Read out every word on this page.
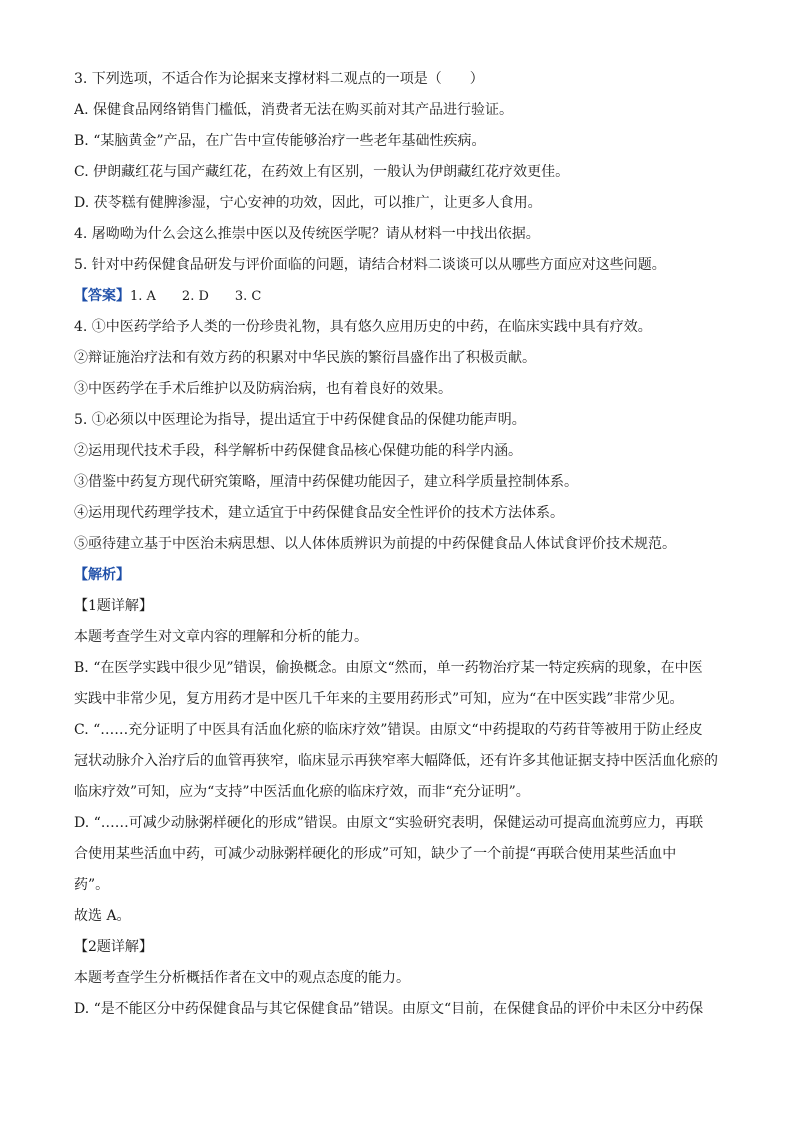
3. 下列选项，不适合作为论据来支撑材料二观点的一项是（　　）
A. 保健食品网络销售门槛低，消费者无法在购买前对其产品进行验证。
B. “某脑黄金”产品，在广告中宣传能够治疗一些老年基础性疾病。
C. 伊朗藏红花与国产藏红花，在药效上有区别，一般认为伊朗藏红花疗效更佳。
D. 茯苓糕有健脾渗湿，宁心安神的功效，因此，可以推广，让更多人食用。
4. 屠呦呦为什么会这么推崇中医以及传统医学呢？请从材料一中找出依据。
5. 针对中药保健食品研发与评价面临的问题，请结合材料二谈谈可以从哪些方面应对这些问题。
【答案】1. A　　2. D　　3. C
4. ①中医药学给予人类的一份珍贵礼物，具有悠久应用历史的中药，在临床实践中具有疗效。
②辩证施治疗法和有效方药的积累对中华民族的繁衍昌盛作出了积极贡献。
③中医药学在手术后维护以及防病治病，也有着良好的效果。
5. ①必须以中医理论为指导，提出适宜于中药保健食品的保健功能声明。
②运用现代技术手段，科学解析中药保健食品核心保健功能的科学内涵。
③借鉴中药复方现代研究策略，厘清中药保健功能因子，建立科学质量控制体系。
④运用现代药理学技术，建立适宜于中药保健食品安全性评价的技术方法体系。
⑤亟待建立基于中医治未病思想、以人体体质辨识为前提的中药保健食品人体试食评价技术规范。
【解析】
【1题详解】
本题考查学生对文章内容的理解和分析的能力。
B. “在医学实践中很少见”错误，偷换概念。由原文“然而，单一药物治疗某一特定疾病的现象，在中医
实践中非常少见，复方用药才是中医几千年来的主要用药形式”可知，应为“在中医实践”非常少见。
C. “……充分证明了中医具有活血化瘀的临床疗效”错误。由原文“中药提取的芍药苷等被用于防止经皮
冠状动脉介入治疗后的血管再狭窄，临床显示再狭窄率大幅降低，还有许多其他证据支持中医活血化瘀的
临床疗效”可知，应为“支持”中医活血化瘀的临床疗效，而非“充分证明”。
D. “……可减少动脉粥样硬化的形成”错误。由原文“实验研究表明，保健运动可提高血流剪应力，再联
合使用某些活血中药，可减少动脉粥样硬化的形成”可知，缺少了一个前提“再联合使用某些活血中
药”。
故选 A。
【2题详解】
本题考查学生分析概括作者在文中的观点态度的能力。
D. “是不能区分中药保健食品与其它保健食品”错误。由原文“目前，在保健食品的评价中未区分中药保
